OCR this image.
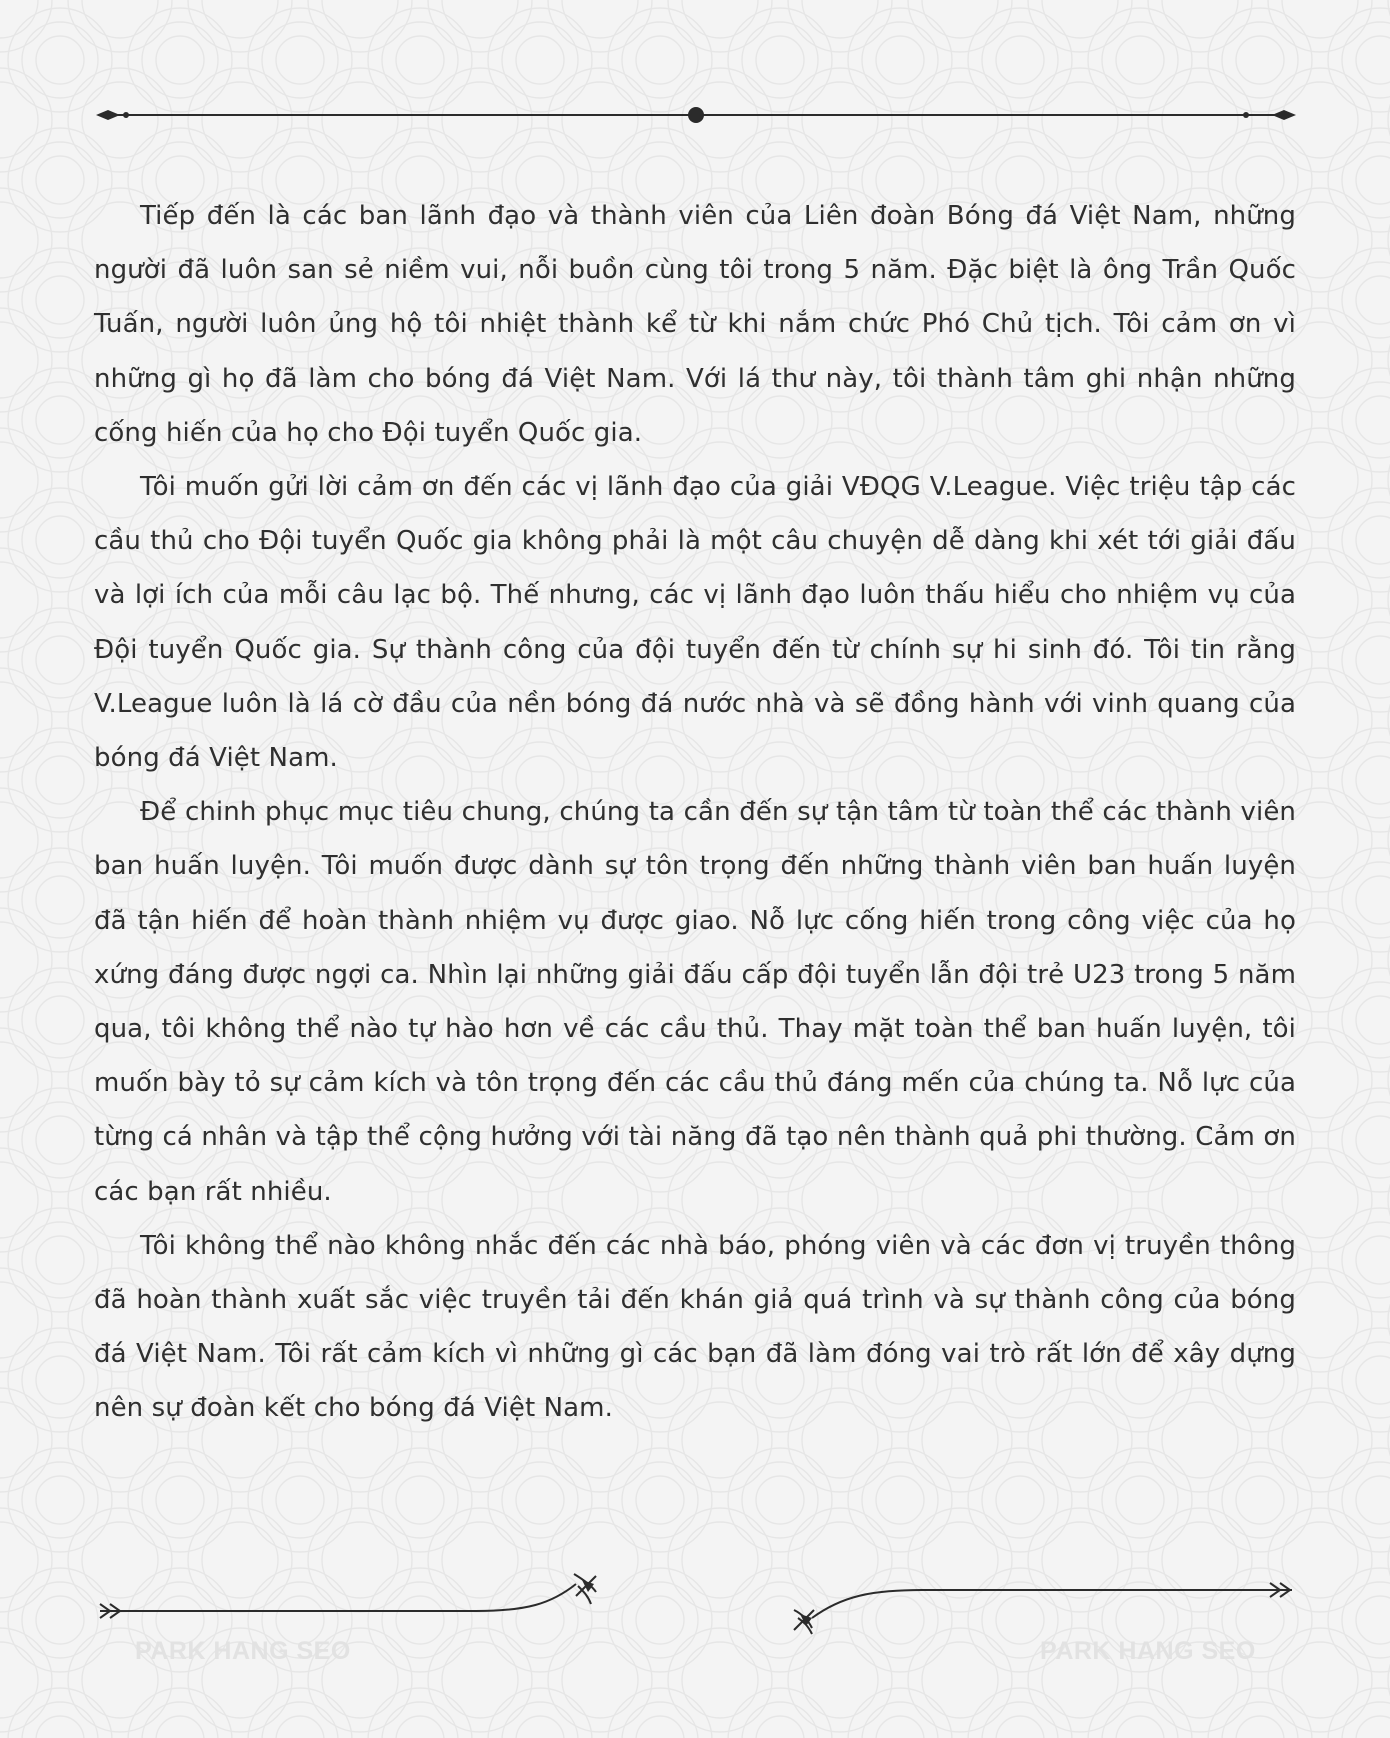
Tiếp đến là các ban lãnh đạo và thành viên của Liên đoàn Bóng đá Việt Nam, những người đã luôn san sẻ niềm vui, nỗi buồn cùng tôi trong 5 năm. Đặc biệt là ông Trần Quốc Tuấn, người luôn ủng hộ tôi nhiệt thành kể từ khi nắm chức Phó Chủ tịch. Tôi cảm ơn vì những gì họ đã làm cho bóng đá Việt Nam. Với lá thư này, tôi thành tâm ghi nhận những cống hiến của họ cho Đội tuyển Quốc gia.

Tôi muốn gửi lời cảm ơn đến các vị lãnh đạo của giải VĐQG V.League. Việc triệu tập các cầu thủ cho Đội tuyển Quốc gia không phải là một câu chuyện dễ dàng khi xét tới giải đấu và lợi ích của mỗi câu lạc bộ. Thế nhưng, các vị lãnh đạo luôn thấu hiểu cho nhiệm vụ của Đội tuyển Quốc gia. Sự thành công của đội tuyển đến từ chính sự hi sinh đó. Tôi tin rằng V.League luôn là lá cờ đầu của nền bóng đá nước nhà và sẽ đồng hành với vinh quang của bóng đá Việt Nam.

Để chinh phục mục tiêu chung, chúng ta cần đến sự tận tâm từ toàn thể các thành viên ban huấn luyện. Tôi muốn được dành sự tôn trọng đến những thành viên ban huấn luyện đã tận hiến để hoàn thành nhiệm vụ được giao. Nỗ lực cống hiến trong công việc của họ xứng đáng được ngợi ca. Nhìn lại những giải đấu cấp đội tuyển lẫn đội trẻ U23 trong 5 năm qua, tôi không thể nào tự hào hơn về các cầu thủ. Thay mặt toàn thể ban huấn luyện, tôi muốn bày tỏ sự cảm kích và tôn trọng đến các cầu thủ đáng mến của chúng ta. Nỗ lực của từng cá nhân và tập thể cộng hưởng với tài năng đã tạo nên thành quả phi thường. Cảm ơn các bạn rất nhiều.

Tôi không thể nào không nhắc đến các nhà báo, phóng viên và các đơn vị truyền thông đã hoàn thành xuất sắc việc truyền tải đến khán giả quá trình và sự thành công của bóng đá Việt Nam. Tôi rất cảm kích vì những gì các bạn đã làm đóng vai trò rất lớn để xây dựng nên sự đoàn kết cho bóng đá Việt Nam.

PARK HANG SEO	PARK HANG SEO
